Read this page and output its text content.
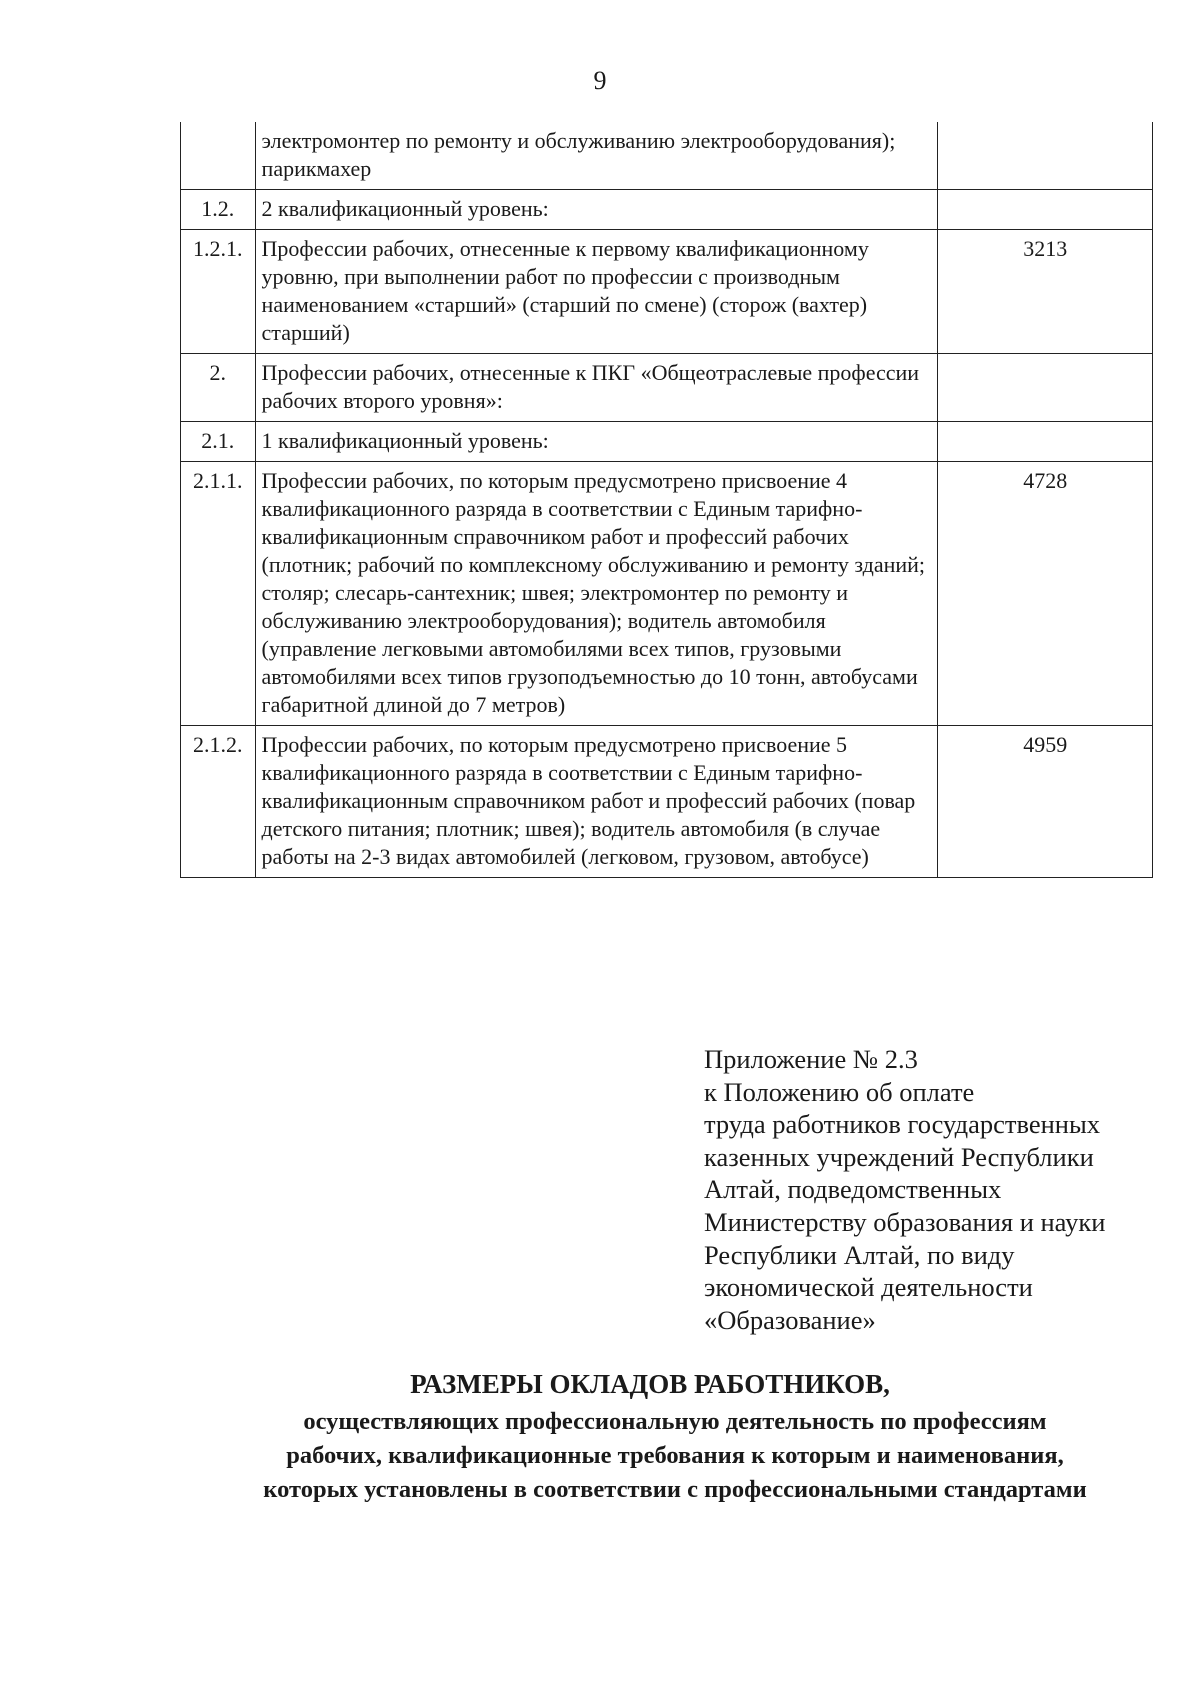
9
	электромонтер по ремонту и обслуживанию электрооборудования); парикмахер	
1.2.	2 квалификационный уровень:	
1.2.1.	Профессии рабочих, отнесенные к первому квалификационному уровню, при выполнении работ по профессии с производным наименованием «старший» (старший по смене) (сторож (вахтер) старший)	3213
2.	Профессии рабочих, отнесенные к ПКГ «Общеотраслевые профессии рабочих второго уровня»:	
2.1.	1 квалификационный уровень:	
2.1.1.	Профессии рабочих, по которым предусмотрено присвоение 4 квалификационного разряда в соответствии с Единым тарифно-квалификационным справочником работ и профессий рабочих (плотник; рабочий по комплексному обслуживанию и ремонту зданий; столяр; слесарь-сантехник; швея; электромонтер по ремонту и обслуживанию электрооборудования); водитель автомобиля (управление легковыми автомобилями всех типов, грузовыми автомобилями всех типов грузоподъемностью до 10 тонн, автобусами габаритной длиной до 7 метров)	4728
2.1.2.	Профессии рабочих, по которым предусмотрено присвоение 5 квалификационного разряда в соответствии с Единым тарифно-квалификационным справочником работ и профессий рабочих (повар детского питания; плотник; швея); водитель автомобиля (в случае работы на 2-3 видах автомобилей (легковом, грузовом, автобусе)	4959
Приложение № 2.3
к Положению об оплате
труда работников государственных
казенных учреждений Республики
Алтай, подведомственных
Министерству образования и науки
Республики Алтай, по виду
экономической деятельности
«Образование»
РАЗМЕРЫ ОКЛАДОВ РАБОТНИКОВ,
осуществляющих профессиональную деятельность по профессиям
рабочих, квалификационные требования к которым и наименования,
которых установлены в соответствии с профессиональными стандартами
